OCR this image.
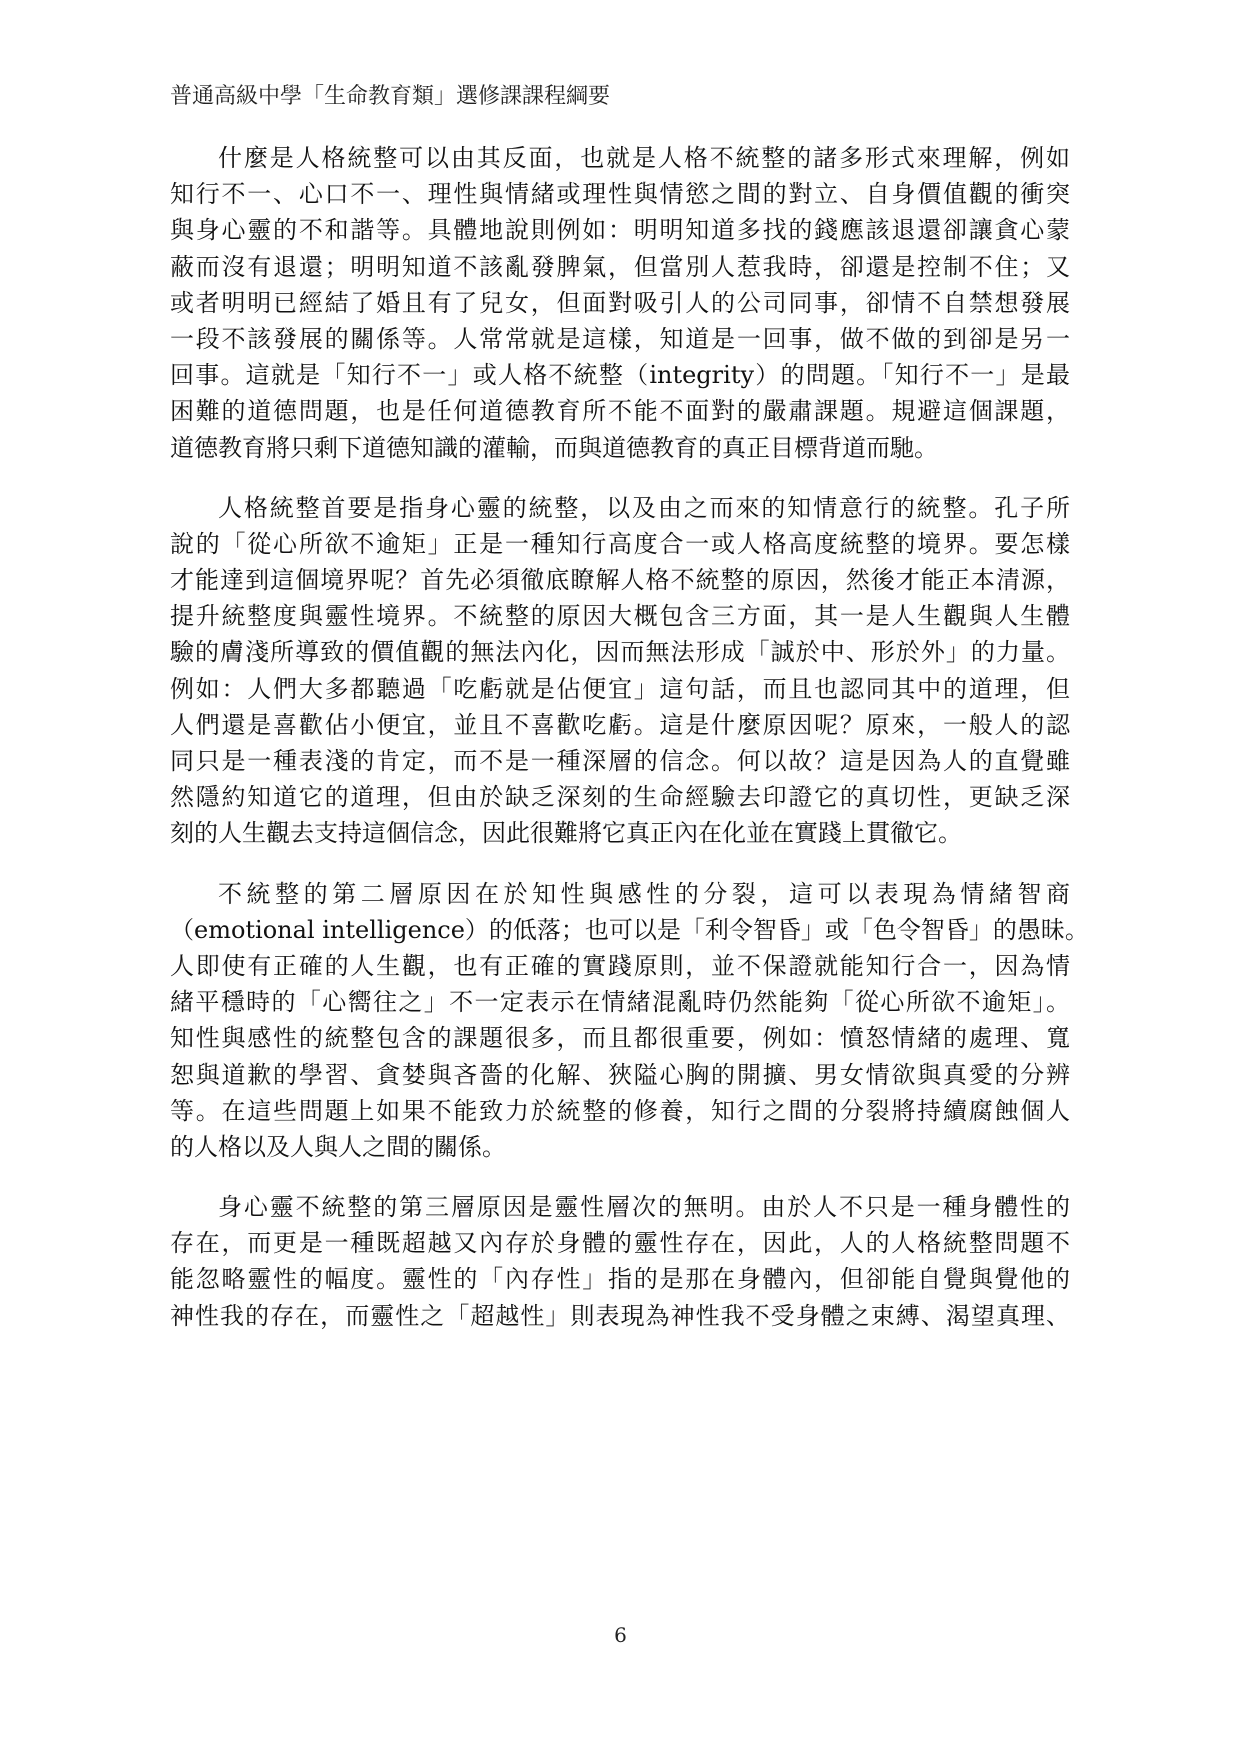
普通高級中學「生命教育類」選修課課程綱要
什麼是人格統整可以由其反面，也就是人格不統整的諸多形式來理解，例如
知行不一、心口不一、理性與情緒或理性與情慾之間的對立、自身價值觀的衝突
與身心靈的不和諧等。具體地說則例如：明明知道多找的錢應該退還卻讓貪心蒙
蔽而沒有退還；明明知道不該亂發脾氣，但當別人惹我時，卻還是控制不住；又
或者明明已經結了婚且有了兒女，但面對吸引人的公司同事，卻情不自禁想發展
一段不該發展的關係等。人常常就是這樣，知道是一回事，做不做的到卻是另一
回事。這就是「知行不一」或人格不統整（integrity）的問題。「知行不一」是最
困難的道德問題，也是任何道德教育所不能不面對的嚴肅課題。規避這個課題，
道德教育將只剩下道德知識的灌輸，而與道德教育的真正目標背道而馳。
人格統整首要是指身心靈的統整，以及由之而來的知情意行的統整。孔子所
說的「從心所欲不逾矩」正是一種知行高度合一或人格高度統整的境界。要怎樣
才能達到這個境界呢？首先必須徹底瞭解人格不統整的原因，然後才能正本清源，
提升統整度與靈性境界。不統整的原因大概包含三方面，其一是人生觀與人生體
驗的膚淺所導致的價值觀的無法內化，因而無法形成「誠於中、形於外」的力量。
例如：人們大多都聽過「吃虧就是佔便宜」這句話，而且也認同其中的道理，但
人們還是喜歡佔小便宜，並且不喜歡吃虧。這是什麼原因呢？原來，一般人的認
同只是一種表淺的肯定，而不是一種深層的信念。何以故？這是因為人的直覺雖
然隱約知道它的道理，但由於缺乏深刻的生命經驗去印證它的真切性，更缺乏深
刻的人生觀去支持這個信念，因此很難將它真正內在化並在實踐上貫徹它。
不統整的第二層原因在於知性與感性的分裂，這可以表現為情緒智商
（emotional intelligence）的低落；也可以是「利令智昏」或「色令智昏」的愚昧。
人即使有正確的人生觀，也有正確的實踐原則，並不保證就能知行合一，因為情
緒平穩時的「心嚮往之」不一定表示在情緒混亂時仍然能夠「從心所欲不逾矩」。
知性與感性的統整包含的課題很多，而且都很重要，例如：憤怒情緒的處理、寬
恕與道歉的學習、貪婪與吝嗇的化解、狹隘心胸的開擴、男女情欲與真愛的分辨
等。在這些問題上如果不能致力於統整的修養，知行之間的分裂將持續腐蝕個人
的人格以及人與人之間的關係。
身心靈不統整的第三層原因是靈性層次的無明。由於人不只是一種身體性的
存在，而更是一種既超越又內存於身體的靈性存在，因此，人的人格統整問題不
能忽略靈性的幅度。靈性的「內存性」指的是那在身體內，但卻能自覺與覺他的
神性我的存在，而靈性之「超越性」則表現為神性我不受身體之束縛、渴望真理、
6
